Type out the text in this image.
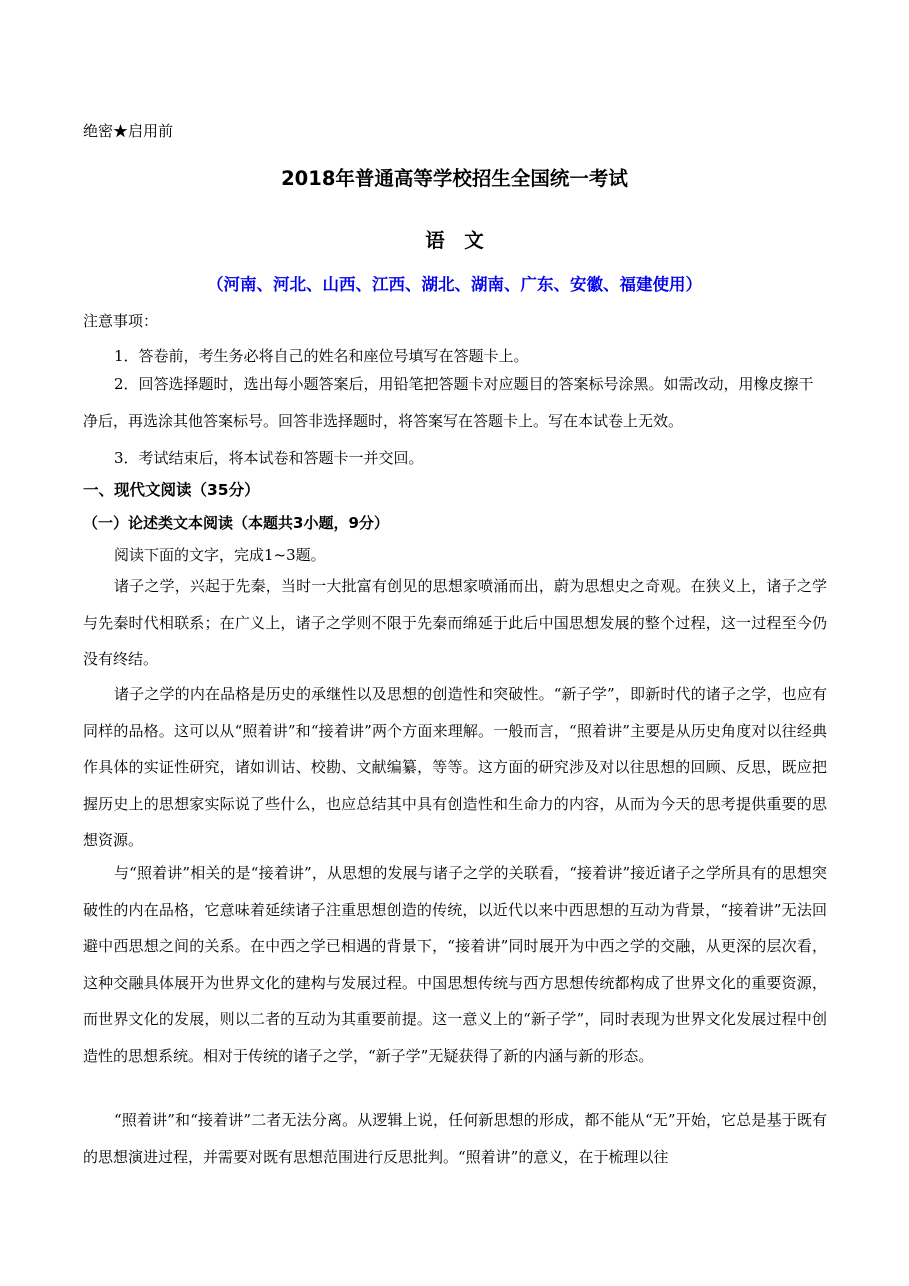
绝密★启用前
2018年普通高等学校招生全国统一考试
语　文
（河南、河北、山西、江西、湖北、湖南、广东、安徽、福建使用）
注意事项：
1．答卷前，考生务必将自己的姓名和座位号填写在答题卡上。
2．回答选择题时，选出每小题答案后，用铅笔把答题卡对应题目的答案标号涂黑。如需改动，用橡皮擦干净后，再选涂其他答案标号。回答非选择题时，将答案写在答题卡上。写在本试卷上无效。
3．考试结束后，将本试卷和答题卡一并交回。
一、现代文阅读（35分）
（一）论述类文本阅读（本题共3小题，9分）
阅读下面的文字，完成1~3题。
诸子之学，兴起于先秦，当时一大批富有创见的思想家喷涌而出，蔚为思想史之奇观。在狭义上，诸子之学与先秦时代相联系；在广义上，诸子之学则不限于先秦而绵延于此后中国思想发展的整个过程，这一过程至今仍没有终结。
诸子之学的内在品格是历史的承继性以及思想的创造性和突破性。“新子学”，即新时代的诸子之学，也应有同样的品格。这可以从“照着讲”和“接着讲”两个方面来理解。一般而言，“照着讲”主要是从历史角度对以往经典作具体的实证性研究，诸如训诂、校勘、文献编纂，等等。这方面的研究涉及对以往思想的回顾、反思，既应把握历史上的思想家实际说了些什么，也应总结其中具有创造性和生命力的内容，从而为今天的思考提供重要的思想资源。
与“照着讲”相关的是“接着讲”，从思想的发展与诸子之学的关联看，“接着讲”接近诸子之学所具有的思想突破性的内在品格，它意味着延续诸子注重思想创造的传统，以近代以来中西思想的互动为背景，“接着讲”无法回避中西思想之间的关系。在中西之学已相遇的背景下，“接着讲”同时展开为中西之学的交融，从更深的层次看，这种交融具体展开为世界文化的建构与发展过程。中国思想传统与西方思想传统都构成了世界文化的重要资源，而世界文化的发展，则以二者的互动为其重要前提。这一意义上的“新子学”，同时表现为世界文化发展过程中创造性的思想系统。相对于传统的诸子之学，“新子学”无疑获得了新的内涵与新的形态。
“照着讲”和“接着讲”二者无法分离。从逻辑上说，任何新思想的形成，都不能从“无”开始，它总是基于既有的思想演进过程，并需要对既有思想范围进行反思批判。“照着讲”的意义，在于梳理以往
